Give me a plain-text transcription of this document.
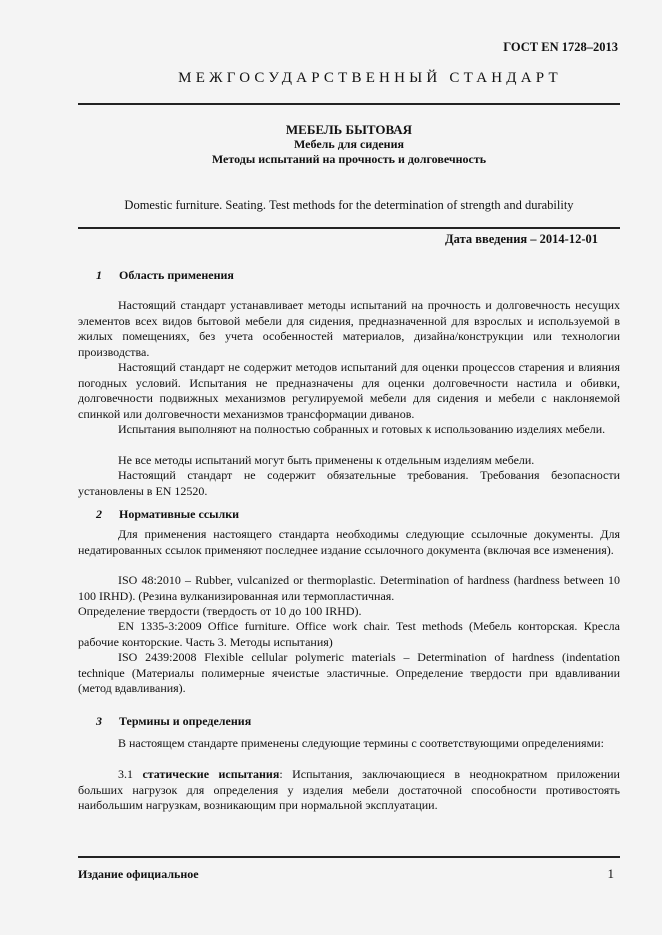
ГОСТ EN 1728–2013
МЕЖГОСУДАРСТВЕННЫЙ СТАНДАРТ
МЕБЕЛЬ БЫТОВАЯ
Мебель для сидения
Методы испытаний на прочность и долговечность
Domestic furniture. Seating. Test methods for the determination of strength and durability
Дата введения – 2014-12-01
1 Область применения
Настоящий стандарт устанавливает методы испытаний на прочность и долговечность несущих элементов всех видов бытовой мебели для сидения, предназначенной для взрослых и используемой в жилых помещениях, без учета особенностей материалов, дизайна/конструкции или технологии производства.
Настоящий стандарт не содержит методов испытаний для оценки процессов старения и влияния погодных условий. Испытания не предназначены для оценки долговечности настила и обивки, долговечности подвижных механизмов регулируемой мебели для сидения и мебели с наклоняемой спинкой или долговечности механизмов трансформации диванов.
Испытания выполняют на полностью собранных и готовых к использованию изделиях мебели.
Не все методы испытаний могут быть применены к отдельным изделиям мебели.
Настоящий стандарт не содержит обязательные требования. Требования безопасности установлены в EN 12520.
2 Нормативные ссылки
Для применения настоящего стандарта необходимы следующие ссылочные документы. Для недатированных ссылок применяют последнее издание ссылочного документа (включая все изменения).
ISO 48:2010 – Rubber, vulcanized or thermoplastic. Determination of hardness (hardness between 10 100 IRHD). (Резина вулканизированная или термопластичная.
Определение твердости (твердость от 10 до 100 IRHD).
EN 1335-3:2009 Office furniture. Office work chair. Test methods (Мебель конторская. Кресла рабочие конторские. Часть 3. Методы испытания)
ISO 2439:2008 Flexible cellular polymeric materials – Determination of hardness (indentation technique (Материалы полимерные ячеистые эластичные. Определение твердости при вдавливании (метод вдавливания).
3 Термины и определения
В настоящем стандарте применены следующие термины с соответствующими определениями:
3.1 статические испытания: Испытания, заключающиеся в неоднократном приложении больших нагрузок для определения у изделия мебели достаточной способности противостоять наибольшим нагрузкам, возникающим при нормальной эксплуатации.
Издание официальное	1
